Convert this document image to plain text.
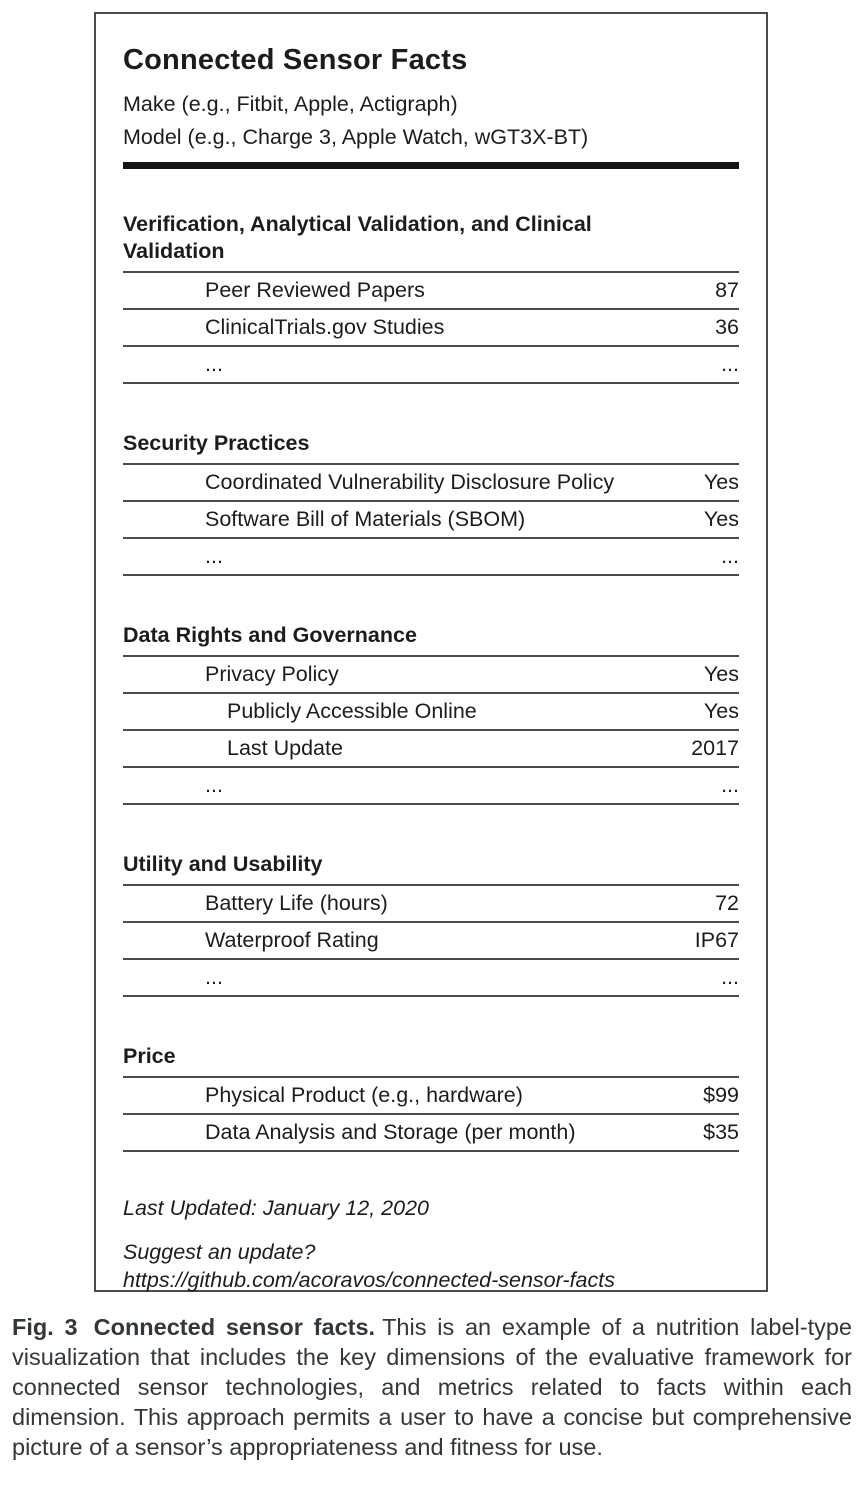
Connected Sensor Facts
Make (e.g., Fitbit, Apple, Actigraph)
Model (e.g., Charge 3, Apple Watch, wGT3X-BT)
Verification, Analytical Validation, and Clinical Validation
Peer Reviewed Papers	87
ClinicalTrials.gov Studies	36
...	...
Security Practices
Coordinated Vulnerability Disclosure Policy	Yes
Software Bill of Materials (SBOM)	Yes
...	...
Data Rights and Governance
Privacy Policy	Yes
Publicly Accessible Online	Yes
Last Update	2017
...	...
Utility and Usability
Battery Life (hours)	72
Waterproof Rating	IP67
...	...
Price
Physical Product (e.g., hardware)	$99
Data Analysis and Storage (per month)	$35
Last Updated: January 12, 2020
Suggest an update?
https://github.com/acoravos/connected-sensor-facts
Fig. 3 Connected sensor facts. This is an example of a nutrition label-type visualization that includes the key dimensions of the evaluative framework for connected sensor technologies, and metrics related to facts within each dimension. This approach permits a user to have a concise but comprehensive picture of a sensor’s appropriateness and fitness for use.
